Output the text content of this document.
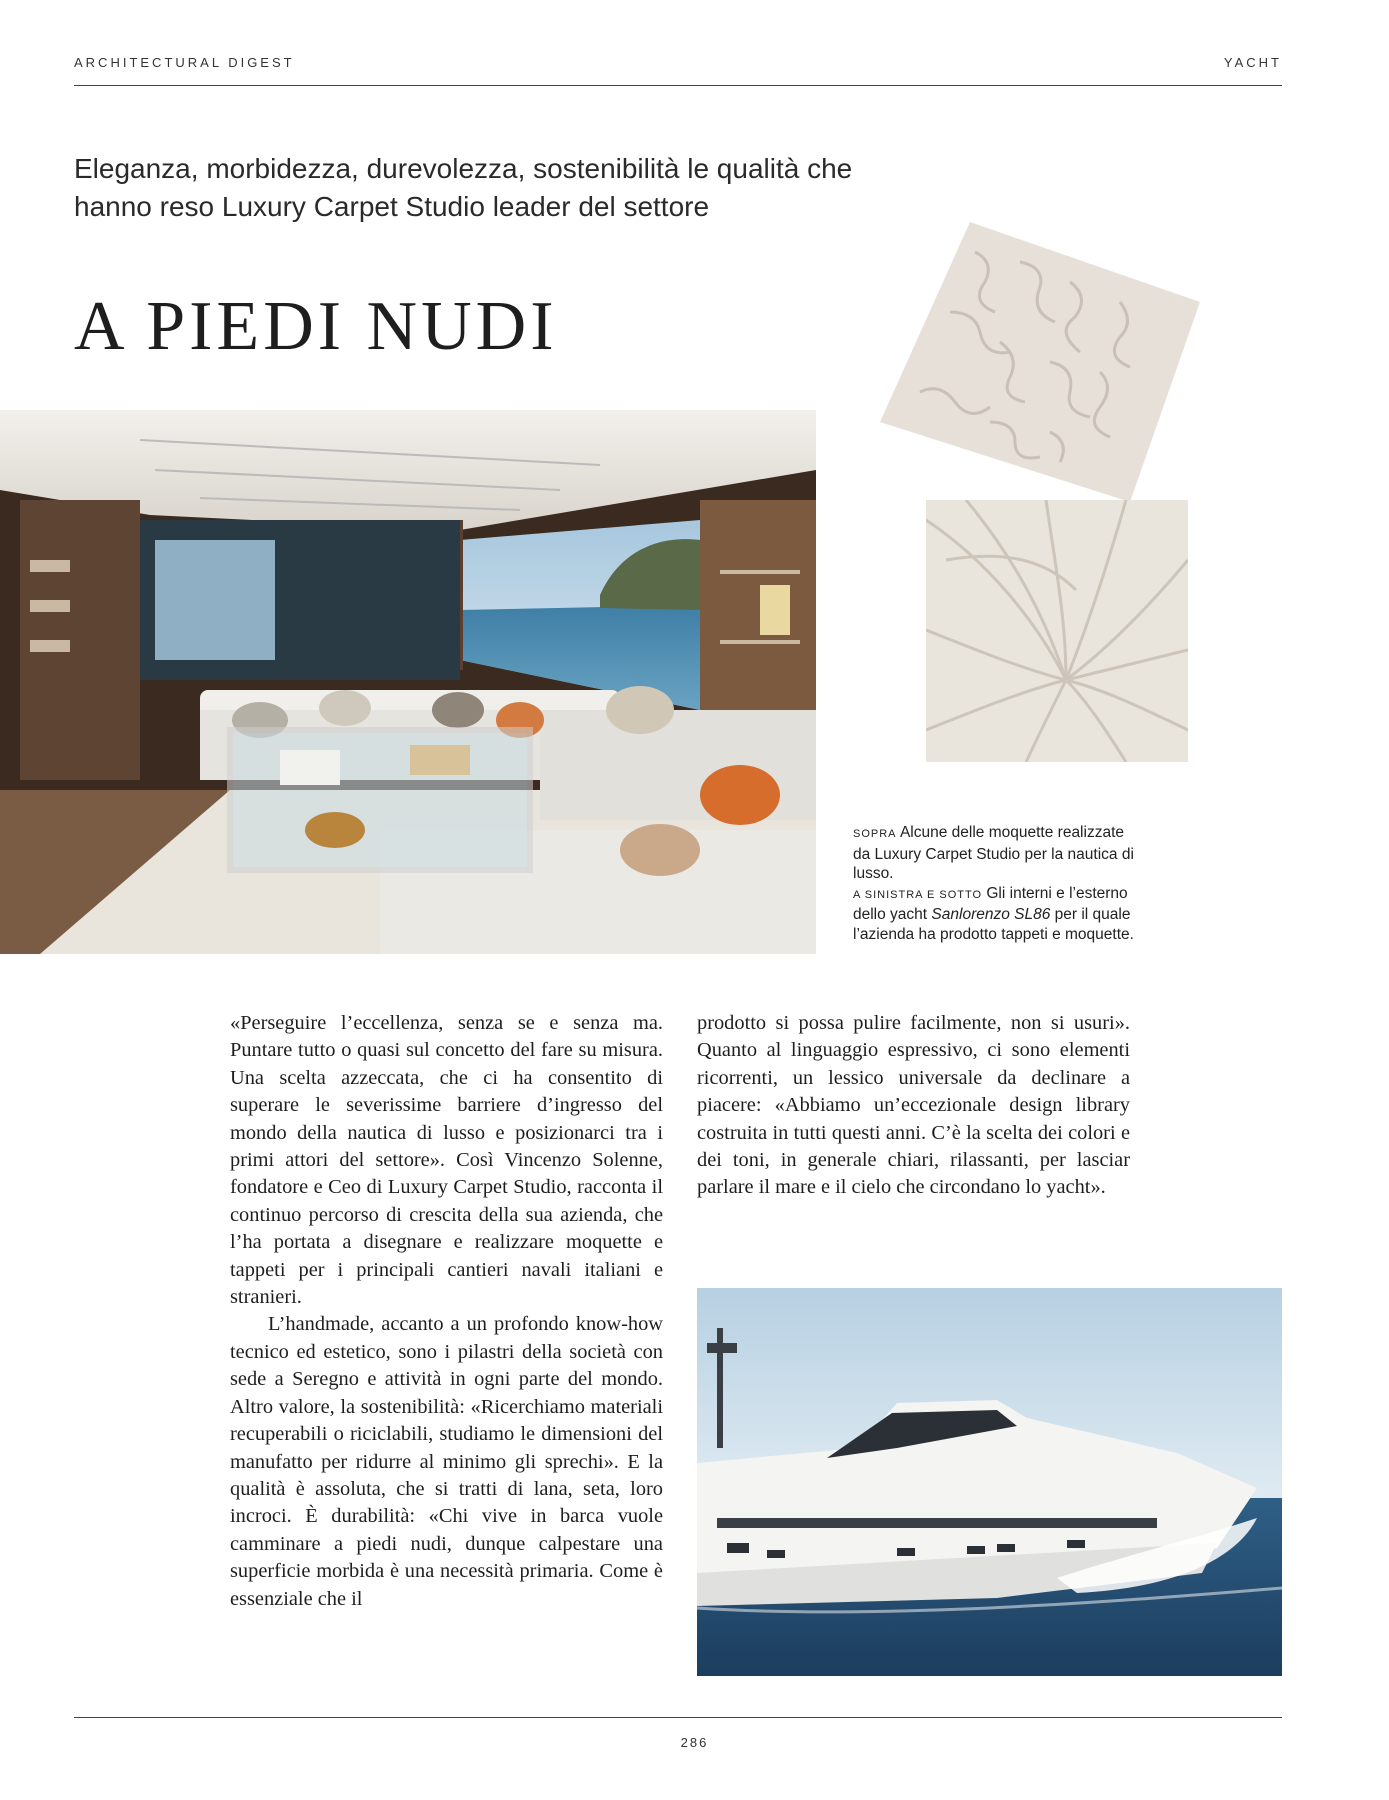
ARCHITECTURAL DIGEST	YACHT
Eleganza, morbidezza, durevolezza, sostenibilità le qualità che hanno reso Luxury Carpet Studio leader del settore
A PIEDI NUDI
SOPRA Alcune delle moquette realizzate da Luxury Carpet Studio per la nautica di lusso.
A SINISTRA E SOTTO Gli interni e l’esterno dello yacht Sanlorenzo SL86 per il quale l’azienda ha prodotto tappeti e moquette.

«Perseguire l’eccellenza, senza se e senza ma. Puntare tutto o quasi sul concetto del fare su misura. Una scelta azzeccata, che ci ha consentito di superare le severissime barriere d’ingresso del mondo della nautica di lusso e posizionarci tra i primi attori del settore». Così Vincenzo Solenne, fondatore e Ceo di Luxury Carpet Studio, racconta il continuo percorso di crescita della sua azienda, che l’ha portata a disegnare e realizzare moquette e tappeti per i principali cantieri navali italiani e stranieri.

L’handmade, accanto a un profondo know-how tecnico ed estetico, sono i pilastri della società con sede a Seregno e attività in ogni parte del mondo. Altro valore, la sostenibilità: «Ricerchiamo materiali recuperabili o riciclabili, studiamo le dimensioni del manufatto per ridurre al minimo gli sprechi». E la qualità è assoluta, che si tratti di lana, seta, loro incroci. È durabilità: «Chi vive in barca vuole camminare a piedi nudi, dunque calpestare una superficie morbida è una necessità primaria. Come è essenziale che il

prodotto si possa pulire facilmente, non si usuri». Quanto al linguaggio espressivo, ci sono elementi ricorrenti, un lessico universale da declinare a piacere: «Abbiamo un’eccezionale design library costruita in tutti questi anni. C’è la scelta dei colori e dei toni, in generale chiari, rilassanti, per lasciar parlare il mare e il cielo che circondano lo yacht».

286
